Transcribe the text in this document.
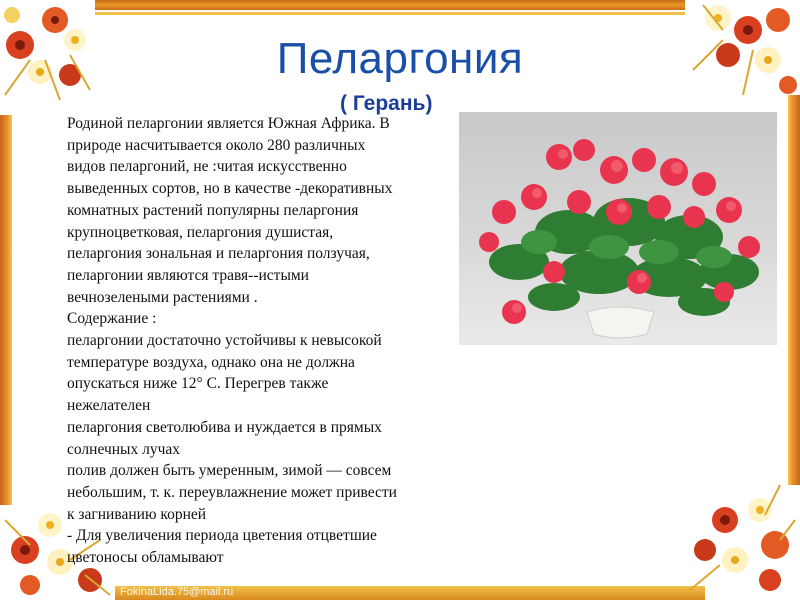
Пеларгония
( Герань)
Родиной пеларгонии является Южная Африка. В
природе насчитывается около 280 различных
видов пеларгоний, не :читая искусственно
выведенных сортов, но в качестве -декоративных
комнатных растений популярны пеларгония
крупноцветковая, пеларгония душистая,
пеларгония зональная и пеларгония ползучая,
пеларгонии являются травя--истыми
вечнозелеными растениями .
Содержание :
пеларгонии достаточно устойчивы к невысокой
температуре воздуха, однако она не должна
опускаться ниже 12° С. Перегрев также
нежелателен
пеларгония светолюбива и нуждается в прямых
солнечных лучах
полив должен быть умеренным, зимой — совсем
небольшим, т. к. переувлажнение может привести
к загниванию корней
- Для увеличения периода цветения отцветшие
цветоносы обламывают
FokinaLida.75@mail.ru
